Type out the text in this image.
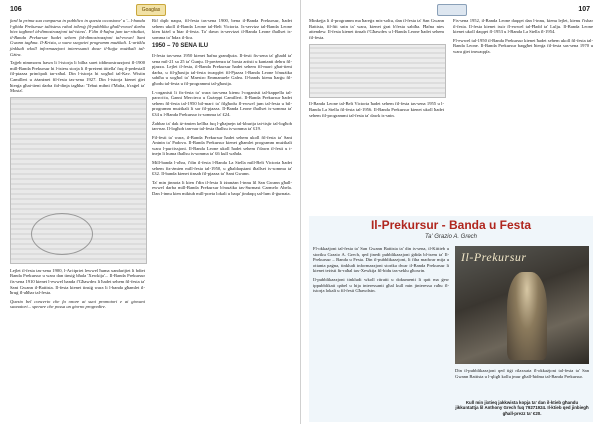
106	Goaglas

fard la prima sua comparsa in pubblico in questa occasione' u '...l-banda l-għida Prekursur taltistess rahal toħroġ fil-pubbliku għall-ewwel darba biex tagħmel id-dimostrazzjoni tal-istess'. F'din il-ħafna jum tar-riżultat, il-Banda Prekursur ħadet sehem fid-dimostrazzjoni tal-ewwel Sant Gwann tagħna. Il-Kristu, u wara ssegwiet programm mużikali. L-artiklu jinkludi wkoll informazzjoni interessanti dwar il-ħajja mużikali tal-Gżira.

Tajjeb nimmorru hawn li l-istorja li bilha saret iddimostrazzjoni fl-1900 mill-Banda Prekursur hi l-istess storja li fl-preżent tittella' fuq il-pedestall fil-piazza prinċipali tar-raħal. Din l-istorja hi xogħol tal-Kav. Wistin Camilleri u żżanżnet fil-festa tas-sena 1927. Din l-istorja kienet ġiet ħierġa għat-tieni darba fid-dinja tagħha: 'Tebut mibni f'Malta, b'raġel ta' Mosta'.

Lejlet il-festa tas-sena 1900, l-Arċipriet lewwel ħuma xandarijiet li bdiet Banda Prekursur u wara dan tinsiġ bħala 'Xewkija'... Il-Banda Prekursur fis-sena 1910 kienet l-ewwel banda f'Għawdex li ħadet sehem fil-festa ta' Sant Gwann il-Battista. Il-festa kienet tinsiġ wara li l-banda għamlet il-ħruġ fl-aħħar tal-festa.

Questo bel concerto che fa onore ai suoi promotori e ai giovani suonatori... sperare che possa un giorno progredire.

Rif dqib naqra, fil-festa tas-sena 1900, bena il-Banda Prekursur, ħadet sehem ukoll il-Banda Leone tal-Belt Victoria. Is-servizz tal-Banda Leone kien kiżel u ħtar il-festa. Ta' dawn is-servizzi il-Banda Leone tħallset is-somma ta' ħdax il-lira.

1950 – 70 SENA ILU

Il-festa tas-sena 1950 kienet ħafna grandjuża. Il-festi fis-sena ta' għadd ta' sena mil-21 sa 25 ta' Ġunju. Il-preżenza ta' bosta artisti u kantanti dehru fil-pjazza. Lejlet il-festa, il-Banda Prekursur ħadet sehem fil-marċ għat-tieni darba, u fil-għaxija tal-festa twaqqfet fil-Pjazza l-Banda Leone b'mużika sabiħa u xogħol ta' Maestro Emmanuele Galea. Il-bands kienu ħarġu fil-għodu tal-festa u fil-programmi tal-għaxija.

L-organisti li fis-festa ta' wara tas-sena kienu l-organisti tal-kappella tal-parroċċa, Ġanni Mercieca u Ġużeppi Camilleri. Il-Banda Prekursur ħadet sehem fil-festa tal-1950 bil-marċ ta' filgħodu fl-ewwel jum tal-festa u bil-programm mużikali li sar fil-pjazza. Il-Banda Leone tħallset is-somma ta' £34 u l-Banda Prekursur is-somma ta' £24.

Żabbar ta' dak iż-żmien kellha fuq l-għajnejn tal-kburija tat-tisjir tal-logħob tan-nar. Il-logħob tan-nar tal-festa tħallsu is-somma ta' £19.

Fil-festi ta' wara, il-Banda Prekursur ħadet sehem ukoll fil-festa ta' Sant Antnin ta' Padova. Il-Banda Prekursur kienet għamlet programm mużikali wara l-purċissjoni. Il-Banda Leone ukoll ħadet sehem f'dawn il-festi u t-tnejn li huma tħallsu is-somma ta' £6 kull waħda.

Mill-banda l-oħra, f'din il-festa l-Banda La Stella mill-Belt Victoria ħadet sehem fiz-żmien mill-festa tal-1950, u għaldaqstant tħallset is-somma ta' £32. Il-banda kienet tinsab fil-pjazza ta' Sant Gwann.

Ta' min jinnota li kien f'din il-festa li żżanżan l-innu lil San Gwann għall-ewwel darba mill-Banda Prekursur b'mużika tas-Surmast Carmelo Abela. Dan l-innu kien miktub mill-poeta lokali u baqa' jindaqq sal-lum il-ġurnata.

107

Minkejja li il-programm ma ħareġx mis-soltu, dan il-festa ta' San Gwann Battista, fil-ftit snin ta' wara, kienet ġrat b'festa sabiħa. Ħafna nies attendew. Il-festa kienet tinsab f'Għawdex u l-Banda Leone ħadet sehem fil-festa.

Il-Banda Leone tal-Belt Victoria ħadet sehem fil-festa tas-sena 1955 u l-Banda La Stella fil-festa tal-1956. Il-Banda Prekursur kienet ukoll ħadet sehem fil-programmi tal-festa ta' dawk is-snin.

Fis-sena 1952, il-Banda Leone daqqet dan l-innu, kienu lejlet, kienu f'isbar il-festa. Il-festa kienet issir fl-ewwel tal-Ħadd ta' Lulju. Il-Banda Leone kienet ukoll daqqet fl-1953 u l-Banda La Stella fl-1954.

Fl-ewwel tal-1950 il-Banda Prekursur kienet ħadet sehem ukoll fil-festa tal-Banda Leone. Il-Banda Prekursur baqgħet ħierġa fil-festa sas-sena 1970 u wara ġiet imwaqqfa.

Il-Prekursur - Banda u Festa
Ta' Grazio A. Grech

Fl-okkażjoni tal-festa ta' San Gwann Battista ta' din is-sena, il-Kittieb u storiku Grazio A. Grech, qed jinedi pubblikazzjoni ġdida bl-isem ta' Il-Prekursur – Banda u Festa. Din il-pubblikazzjoni, li fiha madwar mija u ottanta paġna, tinkludi informazzjoni storika dwar il-Banda Prekursur li kienet teżisti fir-raħal tax-Xewkija fil-bidu tas-seklu għoxrin.

Il-pubblikazzjoni tinkludi wkoll ritratti u dokumenti li qatt ma ġew ippubblikati qabel u hija interessanti għal kull min jinteressa ruħu fl-istorja lokali u fil-festi Għawdxin.

Il-Prekursur

Din il-pubblikazzjoni qed tiġi rilaxxata fl-okkażjoni tal-festa ta' San Gwann Battista u l-qligħ kollu jmur għall-ħidma tal-Banda Prekursur.

Kull min jixtieq jakkwista kopja ta' dan il-ktieb għandu jikkuntattja lil Anthony Grech fuq 79271924. Il-ktieb qed jinbiegħ għall-prezz ta' €20.
